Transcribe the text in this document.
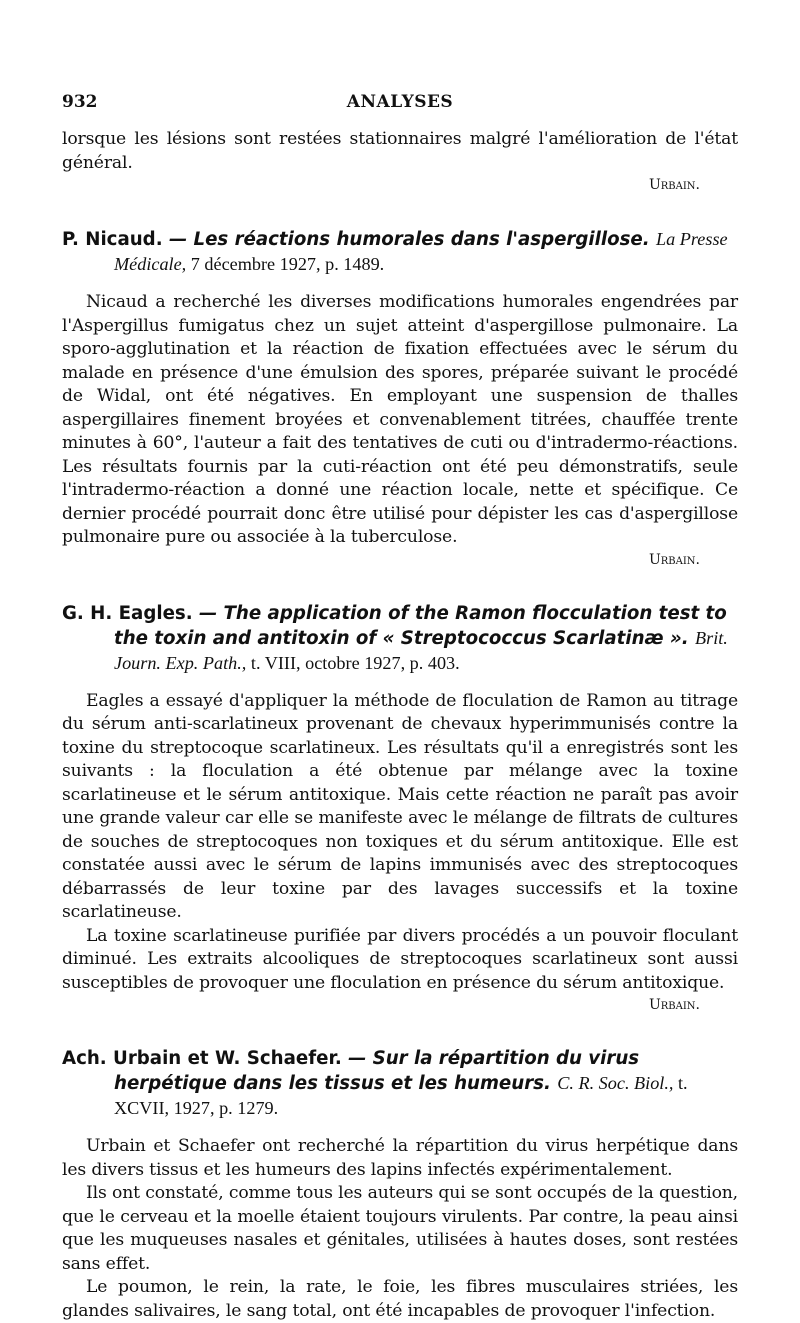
932	ANALYSES

lorsque les lésions sont restées stationnaires malgré l'amélioration de l'état général.

Urbain.
P. Nicaud. — Les réactions humorales dans l'aspergillose. La Presse Médicale, 7 décembre 1927, p. 1489.

Nicaud a recherché les diverses modifications humorales engendrées par l'Aspergillus fumigatus chez un sujet atteint d'aspergillose pulmonaire. La sporo-agglutination et la réaction de fixation effectuées avec le sérum du malade en présence d'une émulsion des spores, préparée suivant le procédé de Widal, ont été négatives. En employant une suspension de thalles aspergillaires finement broyées et convenablement titrées, chauffée trente minutes à 60°, l'auteur a fait des tentatives de cuti ou d'intradermo-réactions. Les résultats fournis par la cuti-réaction ont été peu démonstratifs, seule l'intradermo-réaction a donné une réaction locale, nette et spécifique. Ce dernier procédé pourrait donc être utilisé pour dépister les cas d'aspergillose pulmonaire pure ou associée à la tuberculose.

Urbain.
G. H. Eagles. — The application of the Ramon flocculation test to the toxin and antitoxin of « Streptococcus Scarlatinæ ». Brit. Journ. Exp. Path., t. VIII, octobre 1927, p. 403.

Eagles a essayé d'appliquer la méthode de floculation de Ramon au titrage du sérum anti-scarlatineux provenant de chevaux hyperimmunisés contre la toxine du streptocoque scarlatineux. Les résultats qu'il a enregistrés sont les suivants : la floculation a été obtenue par mélange avec la toxine scarlatineuse et le sérum antitoxique. Mais cette réaction ne paraît pas avoir une grande valeur car elle se manifeste avec le mélange de filtrats de cultures de souches de streptocoques non toxiques et du sérum antitoxique. Elle est constatée aussi avec le sérum de lapins immunisés avec des streptocoques débarrassés de leur toxine par des lavages successifs et la toxine scarlatineuse.

La toxine scarlatineuse purifiée par divers procédés a un pouvoir floculant diminué. Les extraits alcooliques de streptocoques scarlatineux sont aussi susceptibles de provoquer une floculation en présence du sérum antitoxique.

Urbain.
Ach. Urbain et W. Schaefer. — Sur la répartition du virus herpétique dans les tissus et les humeurs. C. R. Soc. Biol., t. XCVII, 1927, p. 1279.

Urbain et Schaefer ont recherché la répartition du virus herpétique dans les divers tissus et les humeurs des lapins infectés expérimentalement.

Ils ont constaté, comme tous les auteurs qui se sont occupés de la question, que le cerveau et la moelle étaient toujours virulents. Par contre, la peau ainsi que les muqueuses nasales et génitales, utilisées à hautes doses, sont restées sans effet.

Le poumon, le rein, la rate, le foie, les fibres musculaires striées, les glandes salivaires, le sang total, ont été incapables de provoquer l'infection.
